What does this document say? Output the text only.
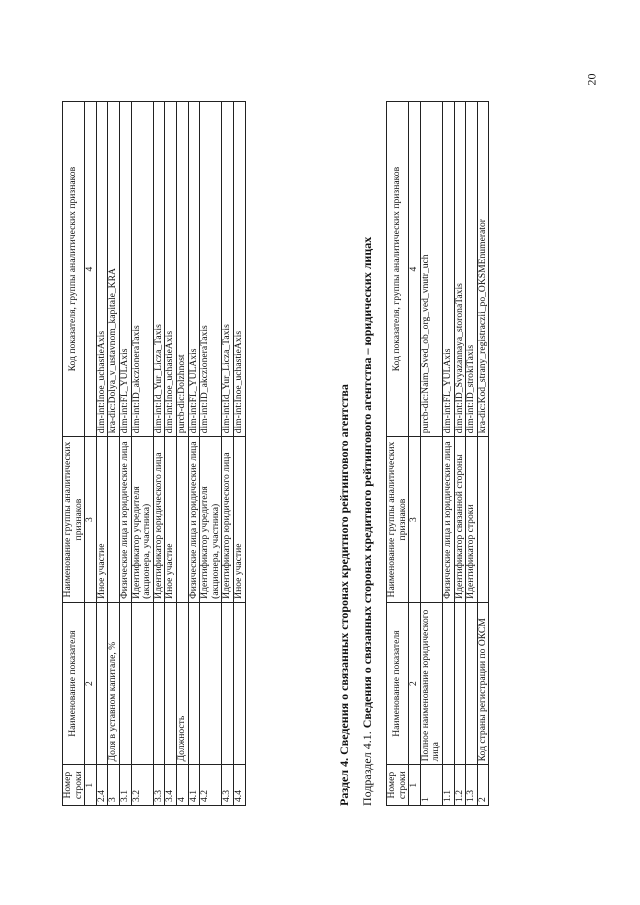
20
Номер строки	Наименование показателя	Наименование группы аналитических признаков	Код показателя, группы аналитических признаков
1	2	3	4
2.4		Иное участие	dim-int:Inoe_uchastieAxis
3	Доля в уставном капитале, %		kra-dic:Dolya_v_ustavnom_kapitale_KRA
3.1		Физические лица и юридические лица	dim-int:FL_YULAxis
3.2		Идентификатор учредителя (акционера, участника)	dim-int:ID_akczioneraTaxis
3.3		Идентификатор юридического лица	dim-int:Id_Yur_Licza_Taxis
3.4		Иное участие	dim-int:Inoe_uchastieAxis
4	Должность		purcb-dic:Dolzhnost
4.1		Физические лица и юридические лица	dim-int:FL_YULAxis
4.2		Идентификатор учредителя (акционера, участника)	dim-int:ID_akczioneraTaxis
4.3		Идентификатор юридического лица	dim-int:Id_Yur_Licza_Taxis
4.4		Иное участие	dim-int:Inoe_uchastieAxis
Раздел 4. Сведения о связанных сторонах кредитного рейтингового агентства Подраздел 4.1. Сведения о связанных сторонах кредитного рейтингового агентства – юридических лицах
Номер строки	Наименование показателя	Наименование группы аналитических признаков	Код показателя, группы аналитических признаков
1	2	3	4
1	Полное наименование юридического лица		purcb-dic:Naim_Sved_ob_org_ved_vnutr_uch
1.1		Физические лица и юридические лица	dim-int:FL_YULAxis
1.2		Идентификатор связанной стороны	dim-int:ID_Svyazannaya_storonaTaxis
1.3		Идентификатор строки	dim-int:ID_strokiTaxis
2	Код страны регистрации по ОКСМ		kra-dic:Kod_strany_registraczii_po_OKSMEnumerator
